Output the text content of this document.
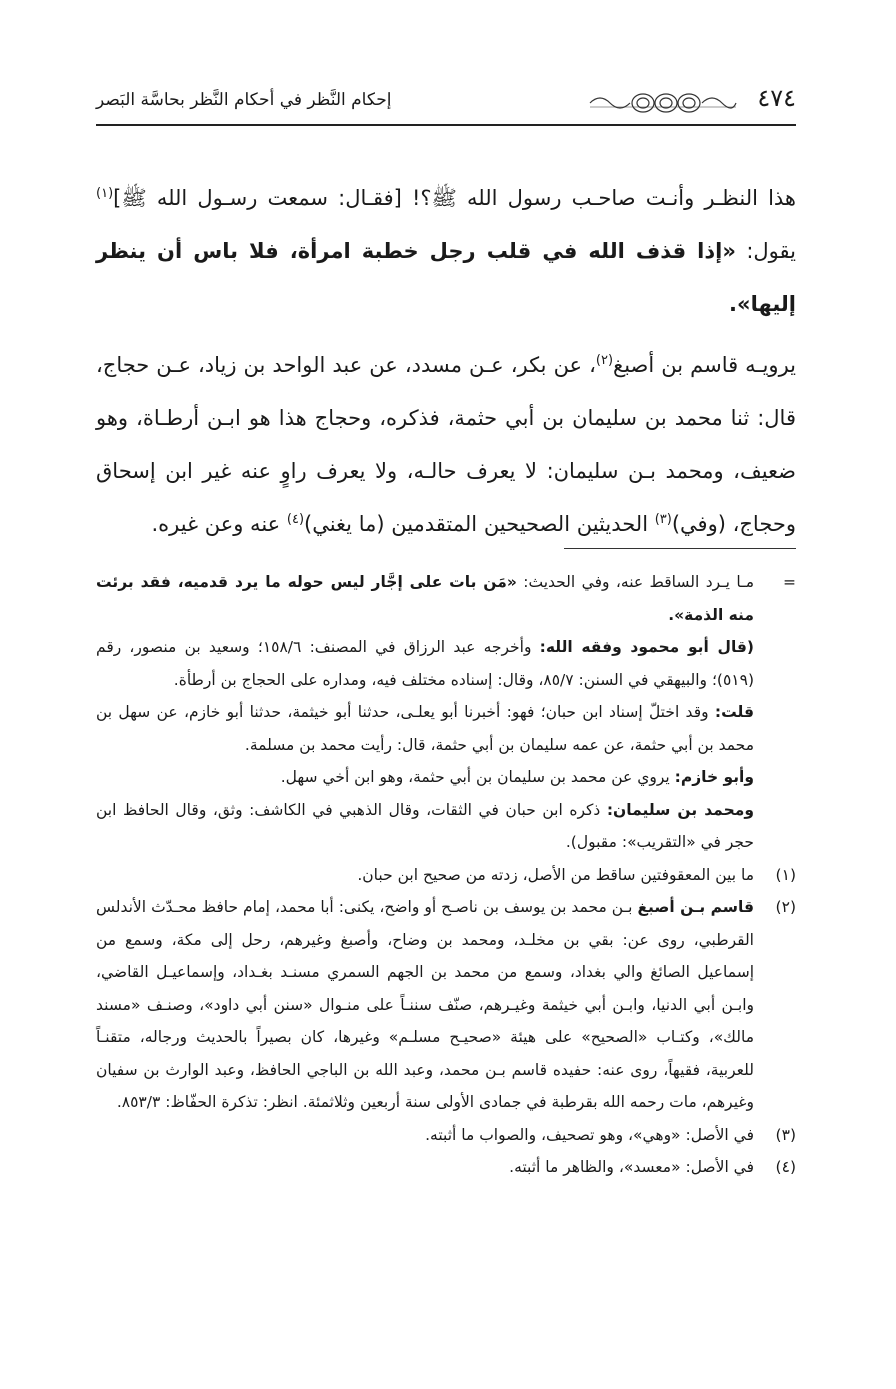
٤٧٤
إحكام النَّظر في أحكام النَّظر بحاسَّة البَصر

هذا النظـر وأنـت صاحـب رسول الله ﷺ؟! [فقـال: سمعت رسـول الله ﷺ]$^{(١)}$ يقول: «إذا قذف الله في قلب رجل خطبة امرأة، فلا باس أن ينظر إليها».

يرويـه قاسم بن أصبغ$^{(٢)}$، عن بكر، عـن مسدد، عن عبد الواحد بن زياد، عـن حجاج، قال: ثنا محمد بن سليمان بن أبي حثمة، فذكره، وحجاج هذا هو ابـن أرطـاة، وهو ضعيف، ومحمد بـن سليمان: لا يعرف حالـه، ولا يعرف راوٍ عنه غير ابن إسحاق وحجاج، (وفي)$^{(٣)}$ الحديثين الصحيحين المتقدمين (ما يغني)$^{(٤)}$ عنه وعن غيره.

=
مـا يـرد الساقط عنه، وفي الحديث: «مَن بات على إجَّار ليس حوله ما يرد قدميه، فقد برئت منه الذمة».
(قال أبو محمود وفقه الله: وأخرجه عبد الرزاق في المصنف: ١٥٨/٦؛ وسعيد بن منصور، رقم (٥١٩)؛ والبيهقي في السنن: ٨٥/٧، وقال: إسناده مختلف فيه، ومداره على الحجاج بن أرطأة.
قلت: وقد اختلّ إسناد ابن حبان؛ فهو: أخبرنا أبو يعلـى، حدثنا أبو خيثمة، حدثنا أبو خازم، عن سهل بن محمد بن أبي حثمة، عن عمه سليمان بن أبي حثمة، قال: رأيت محمد بن مسلمة.
وأبو خازم: يروي عن محمد بن سليمان بن أبي حثمة، وهو ابن أخي سهل.
ومحمد بن سليمان: ذكره ابن حبان في الثقات، وقال الذهبي في الكاشف: وثق، وقال الحافظ ابن حجر في «التقريب»: مقبول).
(١)
ما بين المعقوفتين ساقط من الأصل، زدته من صحيح ابن حبان.
(٢)
قاسم بـن أصبغ بـن محمد بن يوسف بن ناصـح أو واضح، يكنى: أبا محمد، إمام حافظ محـدّث الأندلس القرطبي، روى عن: بقي بن مخلـد، ومحمد بن وضاح، وأصبغ وغيرهم، رحل إلى مكة، وسمع من إسماعيل الصائغ والي بغداد، وسمع من محمد بن الجهم السمري مسنـد بغـداد، وإسماعيـل القاضي، وابـن أبي الدنيا، وابـن أبي خيثمة وغيـرهم، صنّف سننـاً على منـوال «سنن أبي داود»، وصنـف «مسند مالك»، وكتـاب «الصحيح» على هيئة «صحيـح مسلـم» وغيرها، كان بصيراً بالحديث ورجاله، متقنـاً للعربية، فقيهاً، روى عنه: حفيده قاسم بـن محمد، وعبد الله بن الباجي الحافظ، وعبد الوارث بن سفيان وغيرهم، مات رحمه الله بقرطبة في جمادى الأولى سنة أربعين وثلاثمئة. انظر: تذكرة الحفّاظ: ٨٥٣/٣.
(٣)
في الأصل: «وهي»، وهو تصحيف، والصواب ما أثبته.
(٤)
في الأصل: «معسد»، والظاهر ما أثبته.
